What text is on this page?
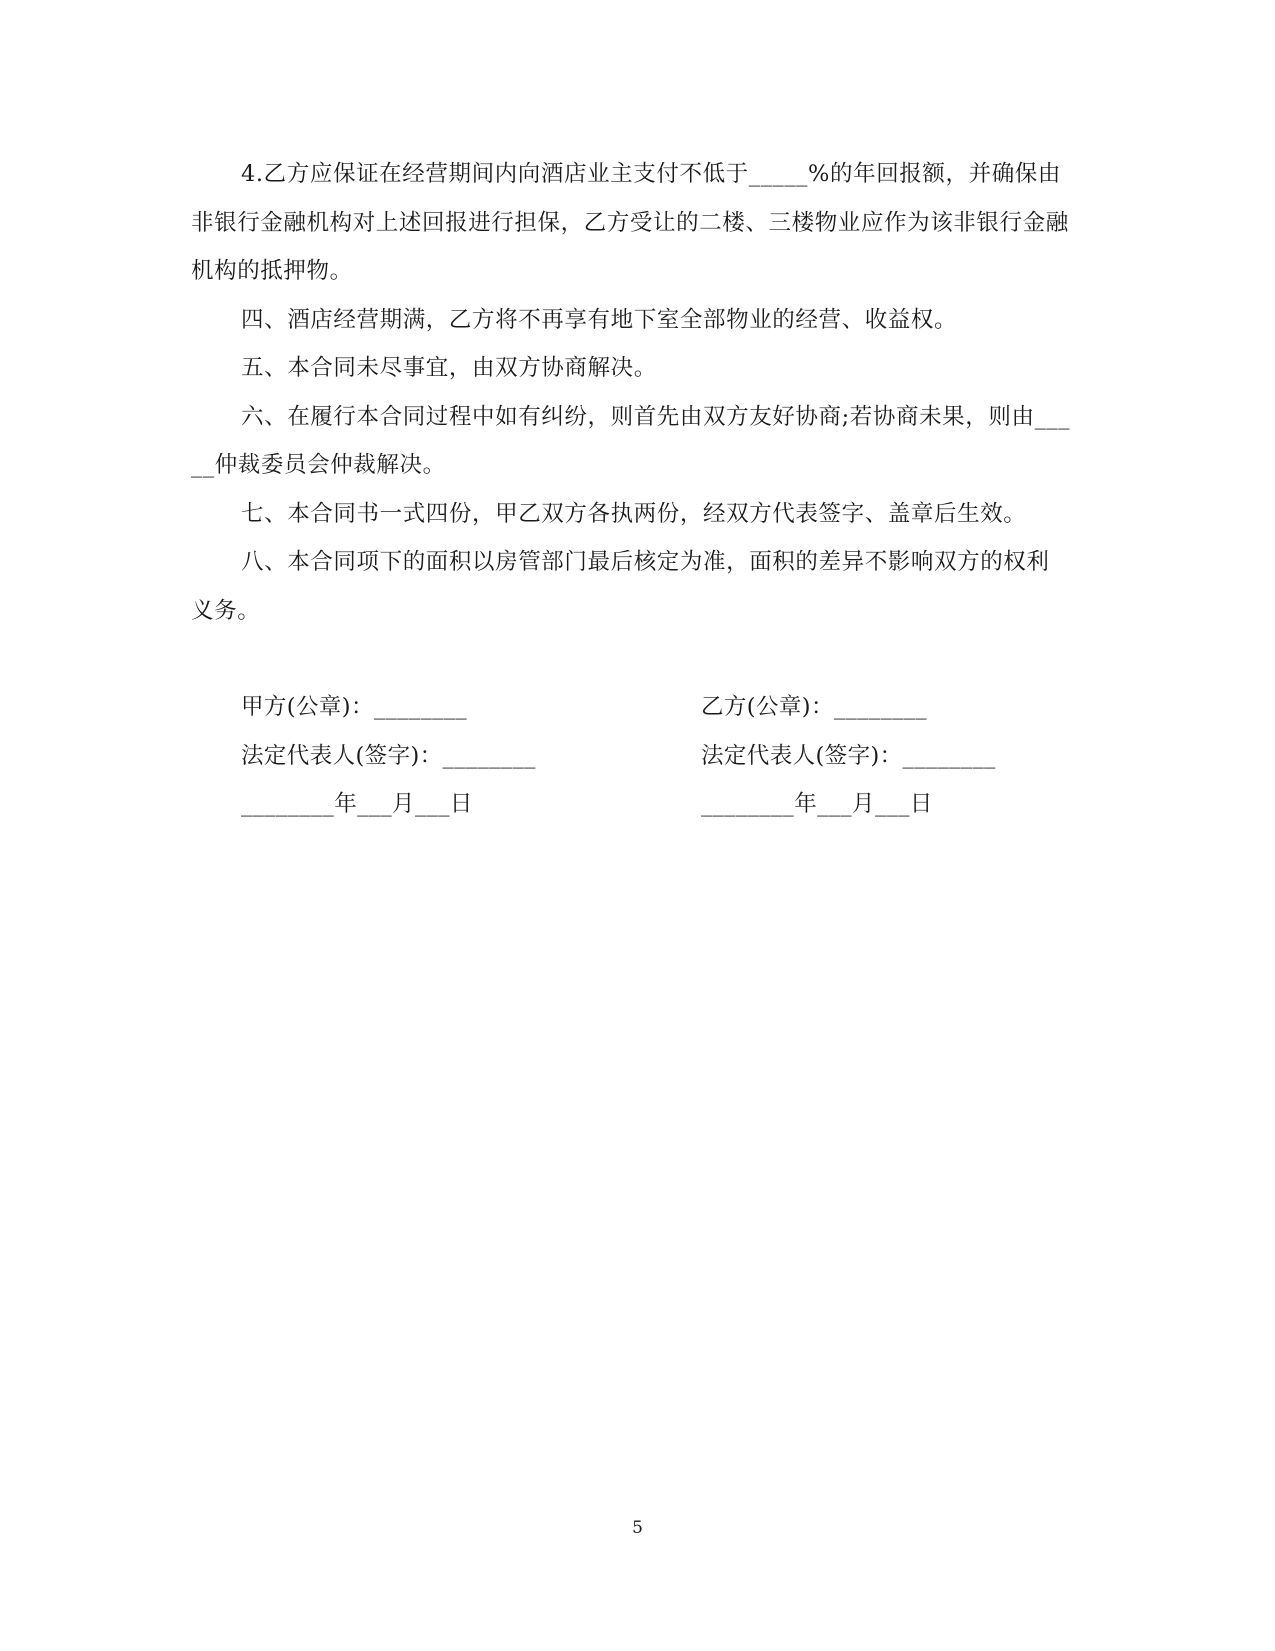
4.乙方应保证在经营期间内向酒店业主支付不低于_____%的年回报额，并确保由非银行金融机构对上述回报进行担保，乙方受让的二楼、三楼物业应作为该非银行金融机构的抵押物。

四、酒店经营期满，乙方将不再享有地下室全部物业的经营、收益权。

五、本合同未尽事宜，由双方协商解决。

六、在履行本合同过程中如有纠纷，则首先由双方友好协商;若协商未果，则由_____仲裁委员会仲裁解决。

七、本合同书一式四份，甲乙双方各执两份，经双方代表签字、盖章后生效。

八、本合同项下的面积以房管部门最后核定为准，面积的差异不影响双方的权利义务。

甲方(公章)：________	乙方(公章)：________
法定代表人(签字)：________	法定代表人(签字)：________
________年___月___日	________年___月___日
5
